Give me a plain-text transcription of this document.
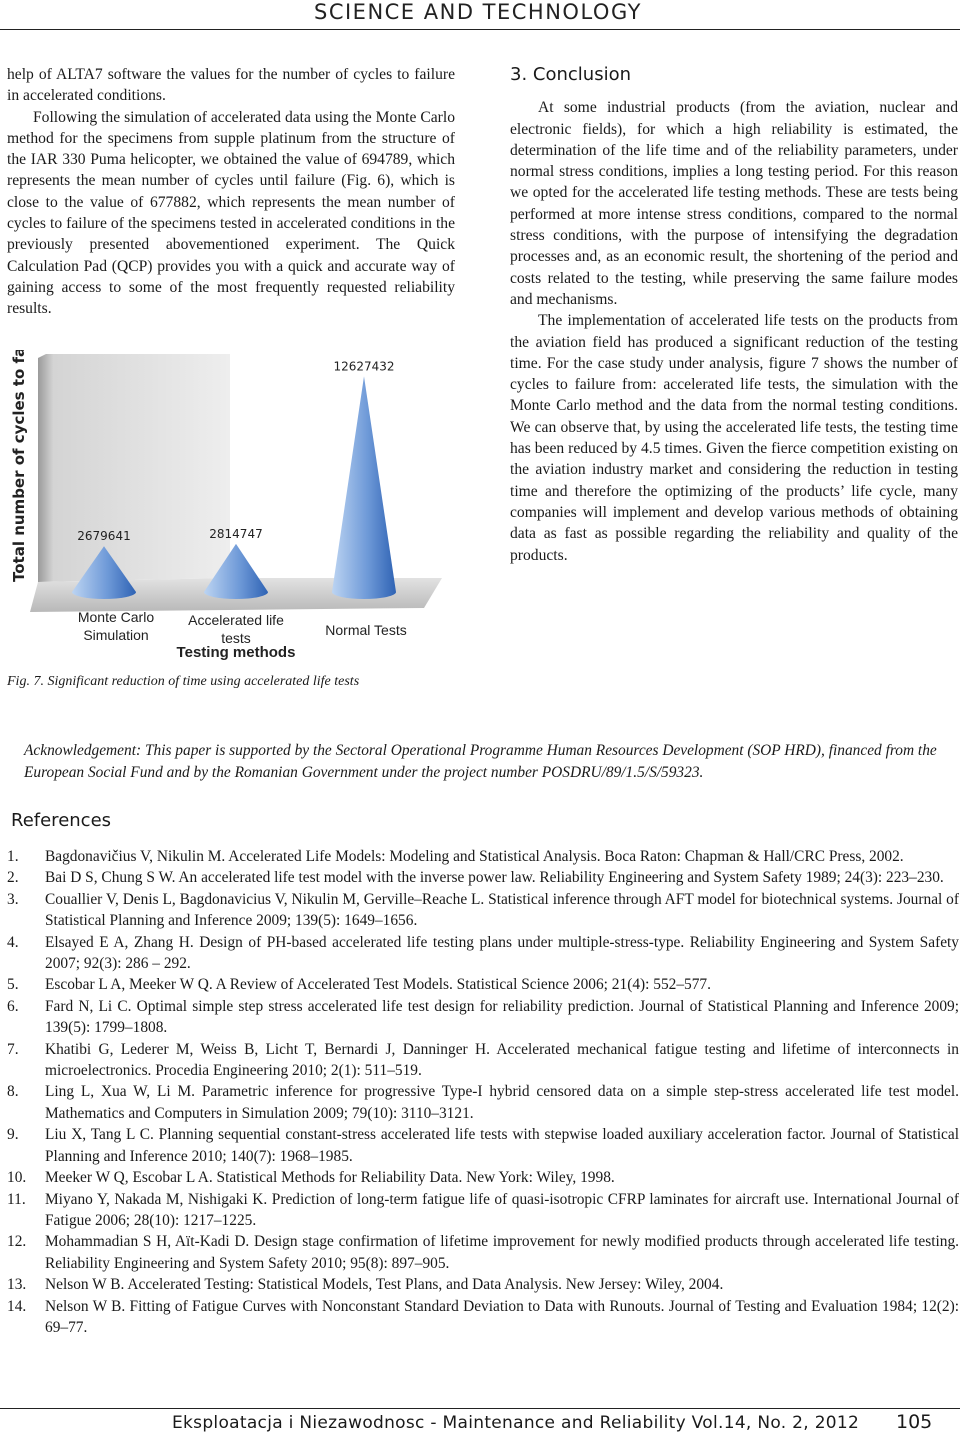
SCIENCE AND TECHNOLOGY

help of ALTA7 software the values for the number of cycles to failure in accelerated conditions.

Following the simulation of accelerated data using the Monte Carlo method for the specimens from supple platinum from the structure of the IAR 330 Puma helicopter, we obtained the value of 694789, which represents the mean number of cycles until failure (Fig. 6), which is close to the value of 677882, which represents the mean number of cycles to failure of the specimens tested in accelerated conditions in the previously presented abovementioned experiment. The Quick Calculation Pad (QCP) provides you with a quick and accurate way of gaining access to some of the most frequently requested reliability results.

2679641	2814747
12627432
Monte Carlo
Simulation
Accelerated life
tests	Normal Tests
Total number of cycles to failure
Testing methods
Fig. 7. Significant reduction of time using accelerated life tests
3. Conclusion

At some industrial products (from the aviation, nuclear and electronic fields), for which a high reliability is estimated, the determination of the life time and of the reliability parameters, under normal stress conditions, implies a long testing period. For this reason we opted for the accelerated life testing methods. These are tests being performed at more intense stress conditions, compared to the normal stress conditions, with the purpose of intensifying the degradation processes and, as an economic result, the shortening of the period and costs related to the testing, while preserving the same failure modes and mechanisms.

The implementation of accelerated life tests on the products from the aviation field has produced a significant reduction of the testing time. For the case study under analysis, figure 7 shows the number of cycles to failure from: accelerated life tests, the simulation with the Monte Carlo method and the data from the normal testing conditions. We can observe that, by using the accelerated life tests, the testing time has been reduced by 4.5 times. Given the fierce competition existing on the aviation industry market and considering the reduction in testing time and therefore the optimizing of the products’ life cycle, many companies will implement and develop various methods of obtaining data as fast as possible regarding the reliability and quality of the products.

Acknowledgement: This paper is supported by the Sectoral Operational Programme Human Resources Development (SOP HRD), financed from the European Social Fund and by the Romanian Government under the project number POSDRU/89/1.5/S/59323.
References
1. Bagdonavičius V, Nikulin M. Accelerated Life Models: Modeling and Statistical Analysis. Boca Raton: Chapman & Hall/CRC Press, 2002.
2. Bai D S, Chung S W. An accelerated life test model with the inverse power law. Reliability Engineering and System Safety 1989; 24(3): 223–230.
3. Couallier V, Denis L, Bagdonavicius V, Nikulin M, Gerville–Reache L. Statistical inference through AFT model for biotechnical systems. Journal of Statistical Planning and Inference 2009; 139(5): 1649–1656.
4. Elsayed E A, Zhang H. Design of PH-based accelerated life testing plans under multiple-stress-type. Reliability Engineering and System Safety 2007; 92(3): 286 – 292.
5. Escobar L A, Meeker W Q. A Review of Accelerated Test Models. Statistical Science 2006; 21(4): 552–577.
6. Fard N, Li C. Optimal simple step stress accelerated life test design for reliability prediction. Journal of Statistical Planning and Inference 2009; 139(5): 1799–1808.
7. Khatibi G, Lederer M, Weiss B, Licht T, Bernardi J, Danninger H. Accelerated mechanical fatigue testing and lifetime of interconnects in microelectronics. Procedia Engineering 2010; 2(1): 511–519.
8. Ling L, Xua W, Li M. Parametric inference for progressive Type-I hybrid censored data on a simple step-stress accelerated life test model. Mathematics and Computers in Simulation 2009; 79(10): 3110–3121.
9. Liu X, Tang L C. Planning sequential constant-stress accelerated life tests with stepwise loaded auxiliary acceleration factor. Journal of Statistical Planning and Inference 2010; 140(7): 1968–1985.
10. Meeker W Q, Escobar L A. Statistical Methods for Reliability Data. New York: Wiley, 1998.
11. Miyano Y, Nakada M, Nishigaki K. Prediction of long-term fatigue life of quasi-isotropic CFRP laminates for aircraft use. International Journal of Fatigue 2006; 28(10): 1217–1225.
12. Mohammadian S H, Aït-Kadi D. Design stage confirmation of lifetime improvement for newly modified products through accelerated life testing. Reliability Engineering and System Safety 2010; 95(8): 897–905.
13. Nelson W B. Accelerated Testing: Statistical Models, Test Plans, and Data Analysis. New Jersey: Wiley, 2004.
14. Nelson W B. Fitting of Fatigue Curves with Nonconstant Standard Deviation to Data with Runouts. Journal of Testing and Evaluation 1984; 12(2): 69–77.
Eksploatacja i Niezawodnosc - Maintenance and Reliability Vol.14, No. 2, 2012 105
